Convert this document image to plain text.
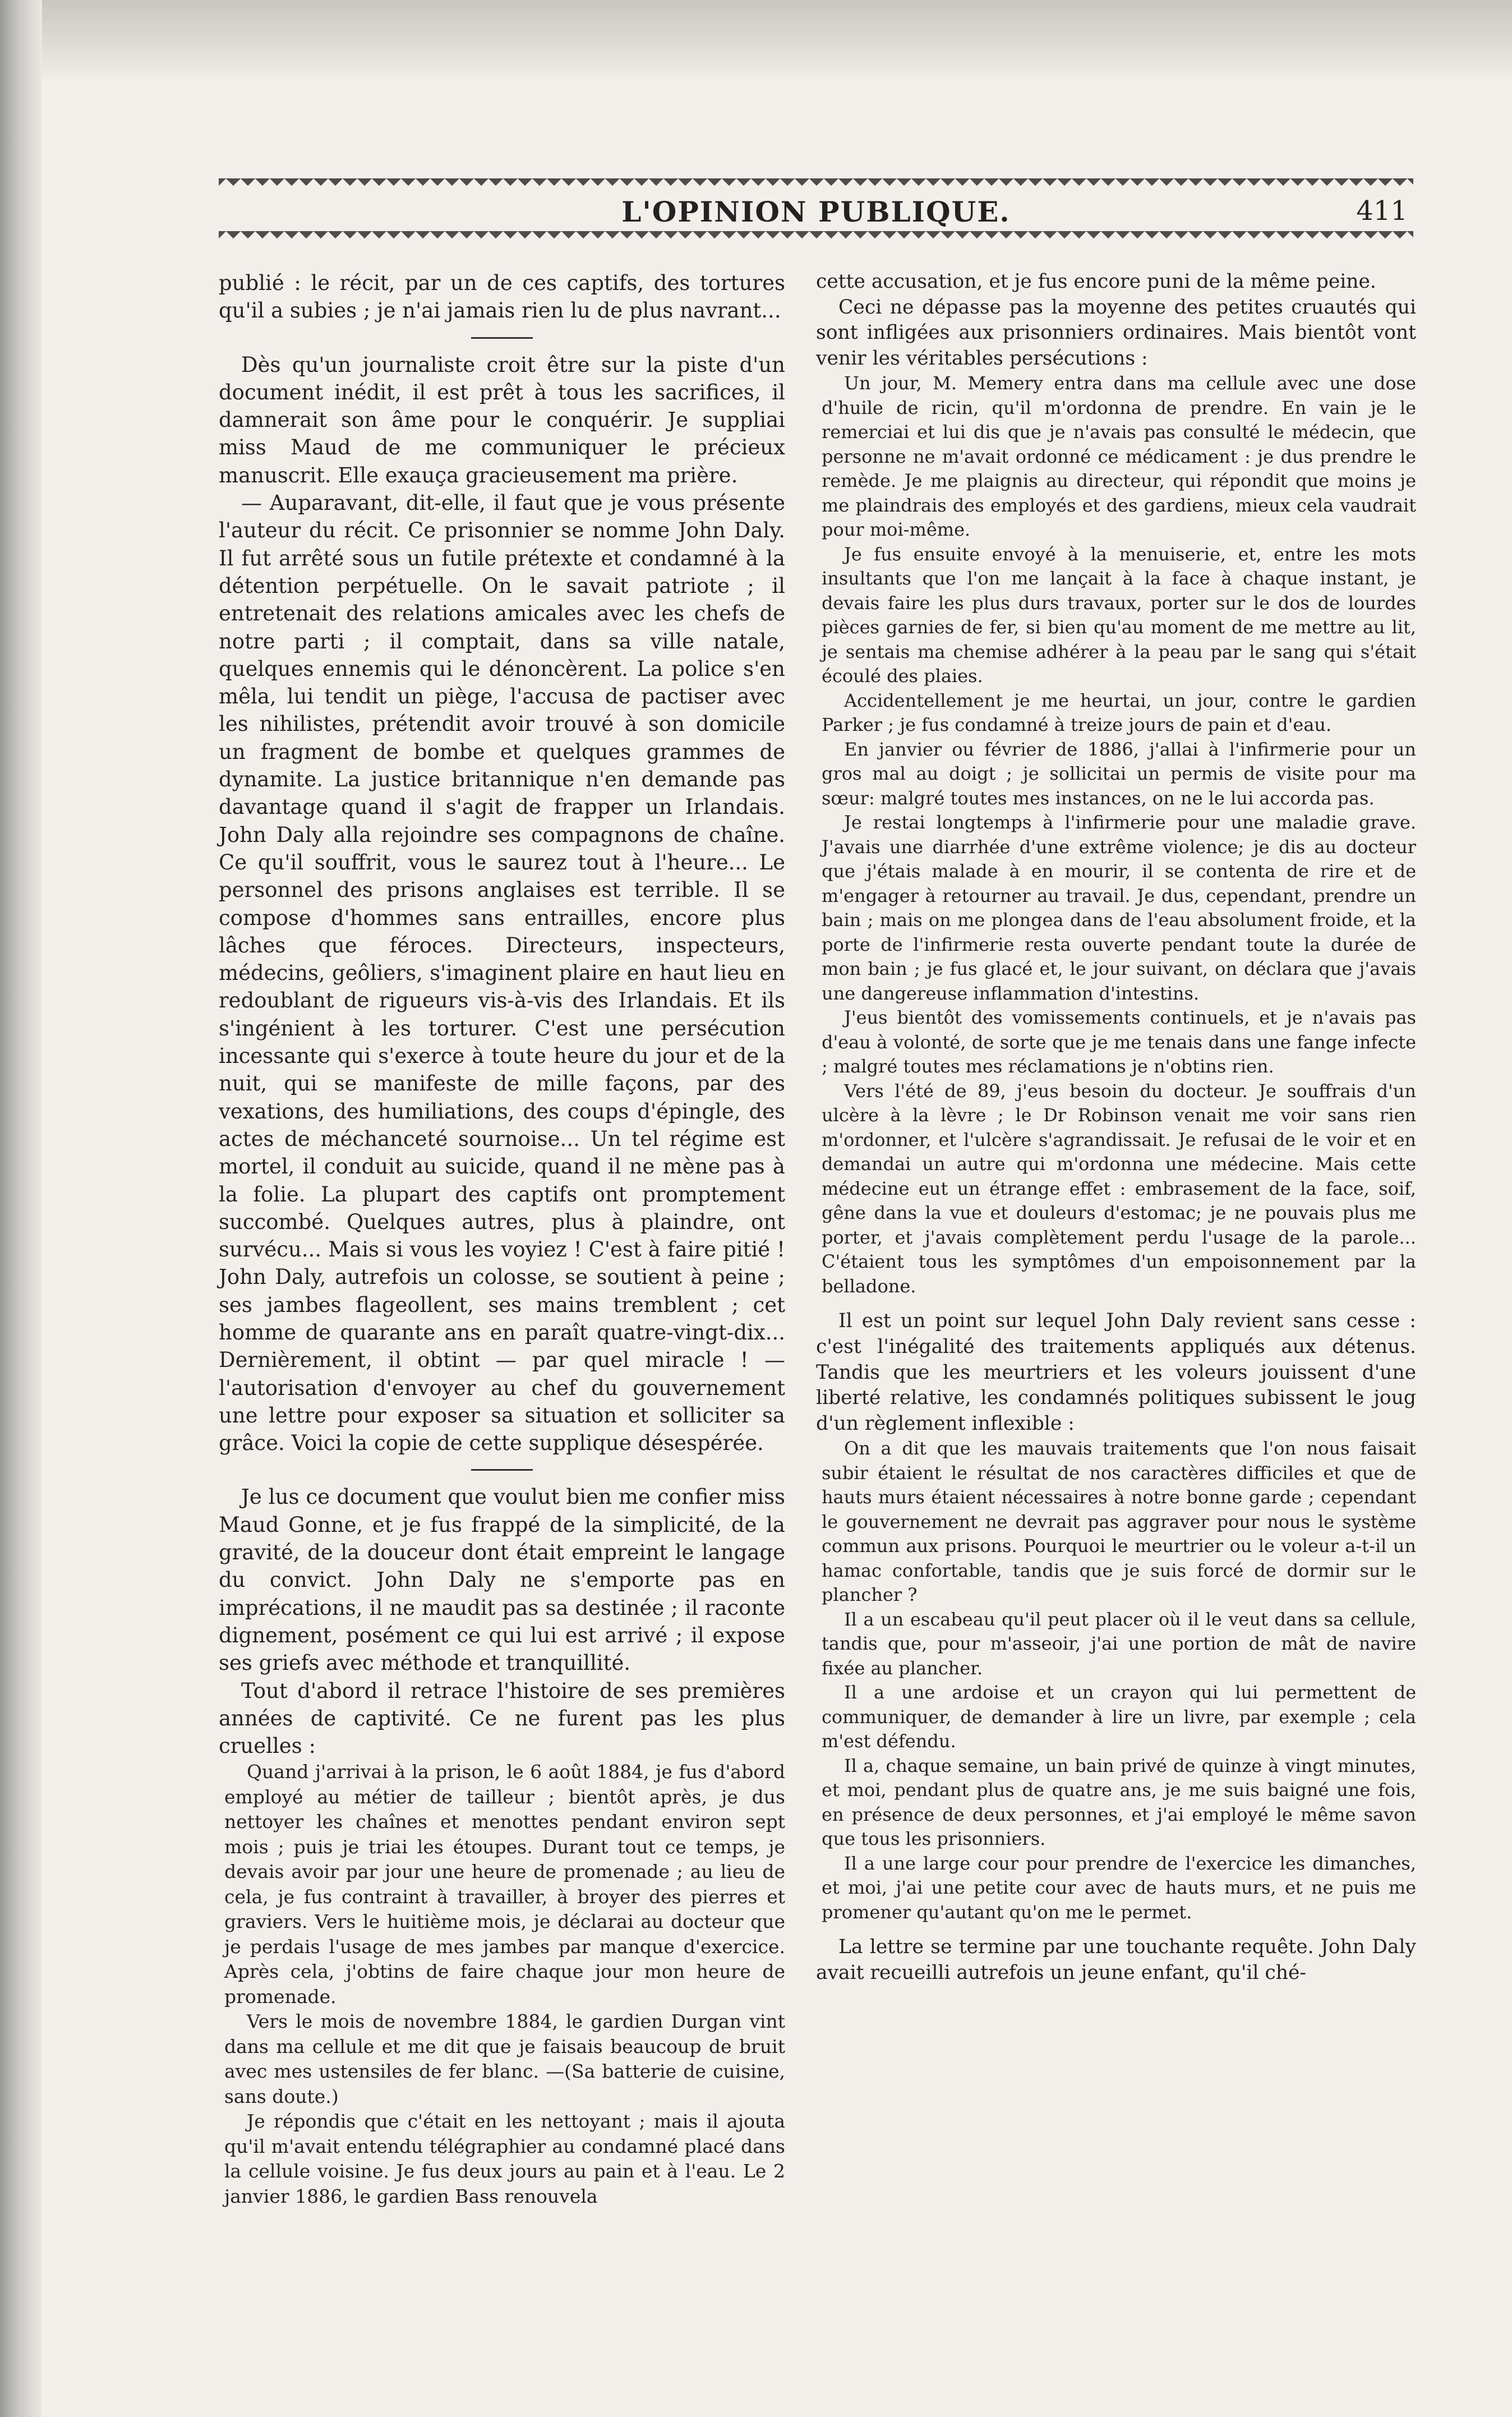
L'OPINION PUBLIQUE.	411

publié : le récit, par un de ces captifs, des tortures qu'il a subies ; je n'ai jamais rien lu de plus navrant...

Dès qu'un journaliste croit être sur la piste d'un document inédit, il est prêt à tous les sacrifices, il damnerait son âme pour le conquérir. Je suppliai miss Maud de me communiquer le précieux manuscrit. Elle exauça gracieusement ma prière.

— Auparavant, dit-elle, il faut que je vous présente l'auteur du récit. Ce prisonnier se nomme John Daly. Il fut arrêté sous un futile prétexte et condamné à la détention perpétuelle. On le savait patriote ; il entretenait des relations amicales avec les chefs de notre parti ; il comptait, dans sa ville natale, quelques ennemis qui le dénoncèrent. La police s'en mêla, lui tendit un piège, l'accusa de pactiser avec les nihilistes, prétendit avoir trouvé à son domicile un fragment de bombe et quelques grammes de dynamite. La justice britannique n'en demande pas davantage quand il s'agit de frapper un Irlandais. John Daly alla rejoindre ses compagnons de chaîne. Ce qu'il souffrit, vous le saurez tout à l'heure... Le personnel des prisons anglaises est terrible. Il se compose d'hommes sans entrailles, encore plus lâches que féroces. Directeurs, inspecteurs, médecins, geôliers, s'imaginent plaire en haut lieu en redoublant de rigueurs vis-à-vis des Irlandais. Et ils s'ingénient à les torturer. C'est une persécution incessante qui s'exerce à toute heure du jour et de la nuit, qui se manifeste de mille façons, par des vexations, des humiliations, des coups d'épingle, des actes de méchanceté sournoise... Un tel régime est mortel, il conduit au suicide, quand il ne mène pas à la folie. La plupart des captifs ont promptement succombé. Quelques autres, plus à plaindre, ont survécu... Mais si vous les voyiez ! C'est à faire pitié ! John Daly, autrefois un colosse, se soutient à peine ; ses jambes flageollent, ses mains tremblent ; cet homme de quarante ans en paraît quatre-vingt-dix... Dernièrement, il obtint — par quel miracle ! — l'autorisation d'envoyer au chef du gouvernement une lettre pour exposer sa situation et solliciter sa grâce. Voici la copie de cette supplique désespérée.

Je lus ce document que voulut bien me confier miss Maud Gonne, et je fus frappé de la simplicité, de la gravité, de la douceur dont était empreint le langage du convict. John Daly ne s'emporte pas en imprécations, il ne maudit pas sa destinée ; il raconte dignement, posément ce qui lui est arrivé ; il expose ses griefs avec méthode et tranquillité.

Tout d'abord il retrace l'histoire de ses premières années de captivité. Ce ne furent pas les plus cruelles :

Quand j'arrivai à la prison, le 6 août 1884, je fus d'abord employé au métier de tailleur ; bientôt après, je dus nettoyer les chaînes et menottes pendant environ sept mois ; puis je triai les étoupes. Durant tout ce temps, je devais avoir par jour une heure de promenade ; au lieu de cela, je fus contraint à travailler, à broyer des pierres et graviers. Vers le huitième mois, je déclarai au docteur que je perdais l'usage de mes jambes par manque d'exercice. Après cela, j'obtins de faire chaque jour mon heure de promenade.

Vers le mois de novembre 1884, le gardien Durgan vint dans ma cellule et me dit que je faisais beaucoup de bruit avec mes ustensiles de fer blanc. —(Sa batterie de cuisine, sans doute.)

Je répondis que c'était en les nettoyant ; mais il ajouta qu'il m'avait entendu télégraphier au condamné placé dans la cellule voisine. Je fus deux jours au pain et à l'eau. Le 2 janvier 1886, le gardien Bass renouvela

cette accusation, et je fus encore puni de la même peine.

Ceci ne dépasse pas la moyenne des petites cruautés qui sont infligées aux prisonniers ordinaires. Mais bientôt vont venir les véritables persécutions :

Un jour, M. Memery entra dans ma cellule avec une dose d'huile de ricin, qu'il m'ordonna de prendre. En vain je le remerciai et lui dis que je n'avais pas consulté le médecin, que personne ne m'avait ordonné ce médicament : je dus prendre le remède. Je me plaignis au directeur, qui répondit que moins je me plaindrais des employés et des gardiens, mieux cela vaudrait pour moi-même.

Je fus ensuite envoyé à la menuiserie, et, entre les mots insultants que l'on me lançait à la face à chaque instant, je devais faire les plus durs travaux, porter sur le dos de lourdes pièces garnies de fer, si bien qu'au moment de me mettre au lit, je sentais ma chemise adhérer à la peau par le sang qui s'était écoulé des plaies.

Accidentellement je me heurtai, un jour, contre le gardien Parker ; je fus condamné à treize jours de pain et d'eau.

En janvier ou février de 1886, j'allai à l'infirmerie pour un gros mal au doigt ; je sollicitai un permis de visite pour ma sœur: malgré toutes mes instances, on ne le lui accorda pas.

Je restai longtemps à l'infirmerie pour une maladie grave. J'avais une diarrhée d'une extrême violence; je dis au docteur que j'étais malade à en mourir, il se contenta de rire et de m'engager à retourner au travail. Je dus, cependant, prendre un bain ; mais on me plongea dans de l'eau absolument froide, et la porte de l'infirmerie resta ouverte pendant toute la durée de mon bain ; je fus glacé et, le jour suivant, on déclara que j'avais une dangereuse inflammation d'intestins.

J'eus bientôt des vomissements continuels, et je n'avais pas d'eau à volonté, de sorte que je me tenais dans une fange infecte ; malgré toutes mes réclamations je n'obtins rien.

Vers l'été de 89, j'eus besoin du docteur. Je souffrais d'un ulcère à la lèvre ; le Dr Robinson venait me voir sans rien m'ordonner, et l'ulcère s'agrandissait. Je refusai de le voir et en demandai un autre qui m'ordonna une médecine. Mais cette médecine eut un étrange effet : embrasement de la face, soif, gêne dans la vue et douleurs d'estomac; je ne pouvais plus me porter, et j'avais complètement perdu l'usage de la parole... C'étaient tous les symptômes d'un empoisonnement par la belladone.

Il est un point sur lequel John Daly revient sans cesse : c'est l'inégalité des traitements appliqués aux détenus. Tandis que les meurtriers et les voleurs jouissent d'une liberté relative, les condamnés politiques subissent le joug d'un règlement inflexible :

On a dit que les mauvais traitements que l'on nous faisait subir étaient le résultat de nos caractères difficiles et que de hauts murs étaient nécessaires à notre bonne garde ; cependant le gouvernement ne devrait pas aggraver pour nous le système commun aux prisons. Pourquoi le meurtrier ou le voleur a-t-il un hamac confortable, tandis que je suis forcé de dormir sur le plancher ?

Il a un escabeau qu'il peut placer où il le veut dans sa cellule, tandis que, pour m'asseoir, j'ai une portion de mât de navire fixée au plancher.

Il a une ardoise et un crayon qui lui permettent de communiquer, de demander à lire un livre, par exemple ; cela m'est défendu.

Il a, chaque semaine, un bain privé de quinze à vingt minutes, et moi, pendant plus de quatre ans, je me suis baigné une fois, en présence de deux personnes, et j'ai employé le même savon que tous les prisonniers.

Il a une large cour pour prendre de l'exercice les dimanches, et moi, j'ai une petite cour avec de hauts murs, et ne puis me promener qu'autant qu'on me le permet.

La lettre se termine par une touchante requête. John Daly avait recueilli autrefois un jeune enfant, qu'il ché-
